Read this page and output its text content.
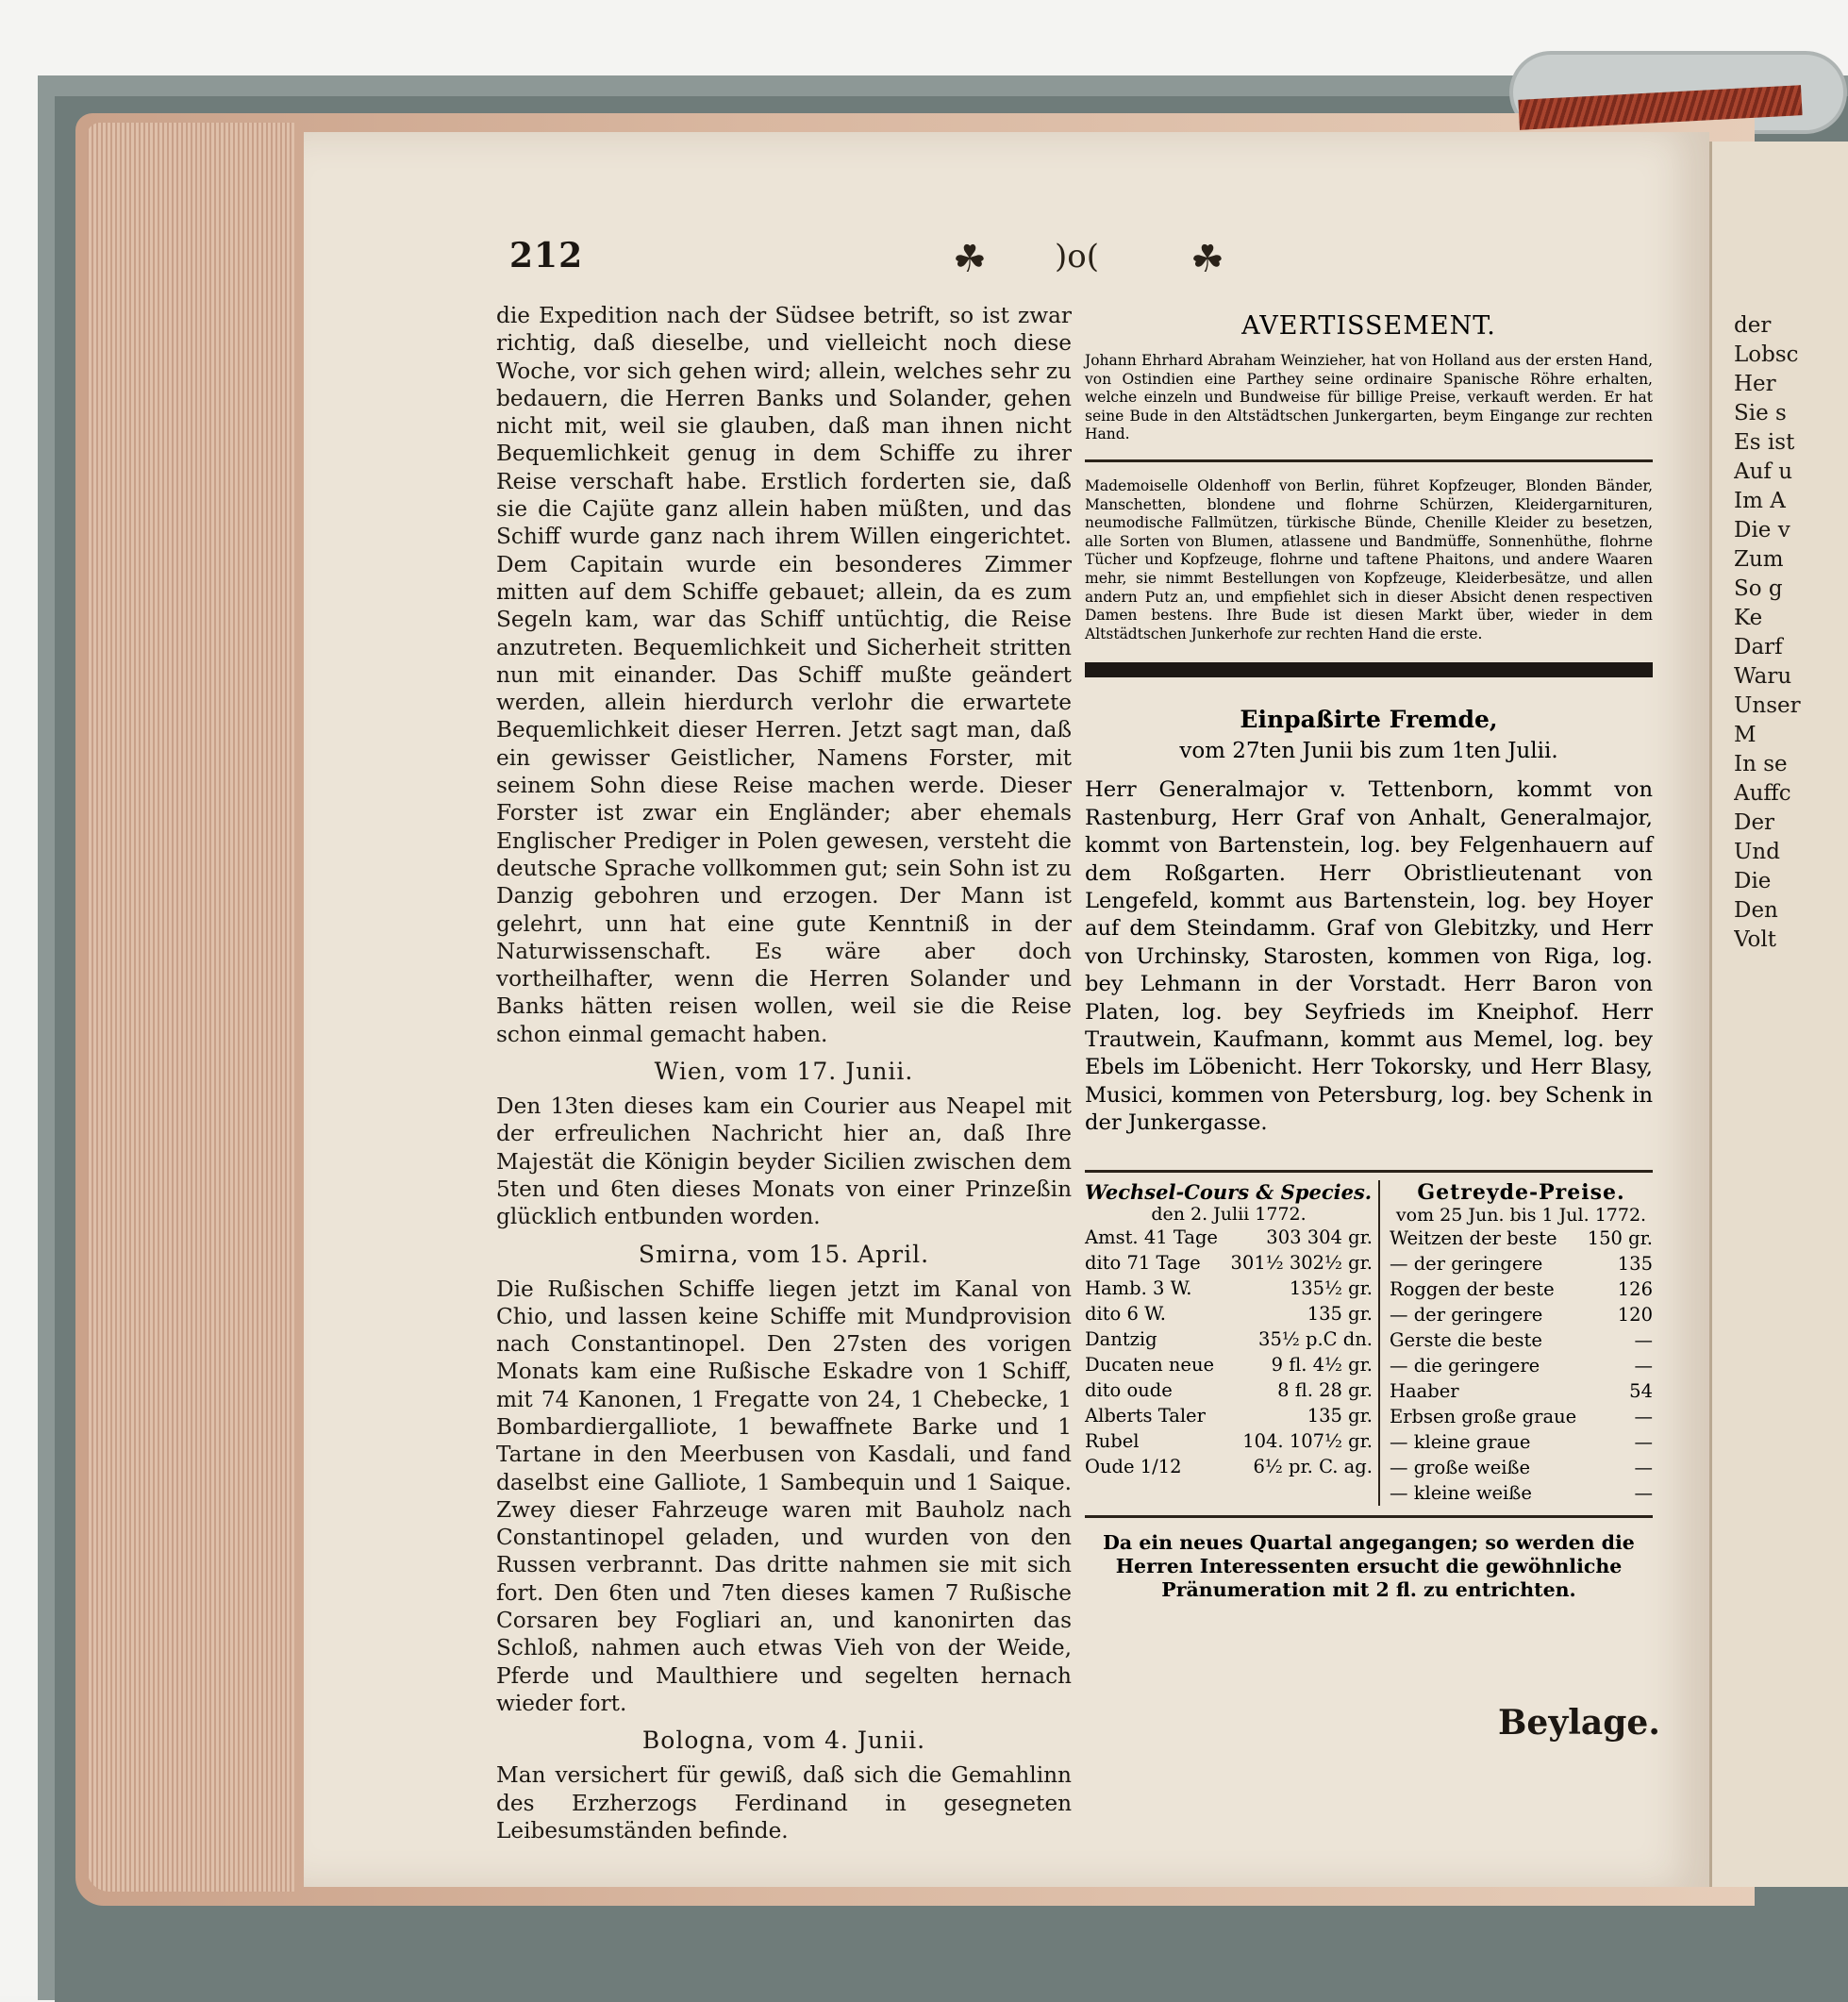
212	☘ )o( ☘

die Expedition nach der Südsee betrift, so ist zwar richtig, daß dieselbe, und vielleicht noch diese Woche, vor sich gehen wird; allein, welches sehr zu bedauern, die Herren Banks und Solander, gehen nicht mit, weil sie glauben, daß man ihnen nicht Bequemlichkeit genug in dem Schiffe zu ihrer Reise verschaft habe. Erstlich forderten sie, daß sie die Cajüte ganz allein haben müßten, und das Schiff wurde ganz nach ihrem Willen eingerichtet. Dem Capitain wurde ein besonderes Zimmer mitten auf dem Schiffe gebauet; allein, da es zum Segeln kam, war das Schiff untüchtig, die Reise anzutreten. Bequemlichkeit und Sicherheit stritten nun mit einander. Das Schiff mußte geändert werden, allein hierdurch verlohr die erwartete Bequemlichkeit dieser Herren. Jetzt sagt man, daß ein gewisser Geistlicher, Namens Forster, mit seinem Sohn diese Reise machen werde. Dieser Forster ist zwar ein Engländer; aber ehemals Englischer Prediger in Polen gewesen, versteht die deutsche Sprache vollkommen gut; sein Sohn ist zu Danzig gebohren und erzogen. Der Mann ist gelehrt, unn hat eine gute Kenntniß in der Naturwissenschaft. Es wäre aber doch vortheilhafter, wenn die Herren Solander und Banks hätten reisen wollen, weil sie die Reise schon einmal gemacht haben.

Wien, vom 17. Junii.

Den 13ten dieses kam ein Courier aus Neapel mit der erfreulichen Nachricht hier an, daß Ihre Majestät die Königin beyder Sicilien zwischen dem 5ten und 6ten dieses Monats von einer Prinzeßin glücklich entbunden worden.

Smirna, vom 15. April.

Die Rußischen Schiffe liegen jetzt im Kanal von Chio, und lassen keine Schiffe mit Mundprovision nach Constantinopel. Den 27sten des vorigen Monats kam eine Rußische Eskadre von 1 Schiff, mit 74 Kanonen, 1 Fregatte von 24, 1 Chebecke, 1 Bombardiergalliote, 1 bewaffnete Barke und 1 Tartane in den Meerbusen von Kasdali, und fand daselbst eine Galliote, 1 Sambequin und 1 Saique. Zwey dieser Fahrzeuge waren mit Bauholz nach Constantinopel geladen, und wurden von den Russen verbrannt. Das dritte nahmen sie mit sich fort. Den 6ten und 7ten dieses kamen 7 Rußische Corsaren bey Fogliari an, und kanonirten das Schloß, nahmen auch etwas Vieh von der Weide, Pferde und Maulthiere und segelten hernach wieder fort.

Bologna, vom 4. Junii.

Man versichert für gewiß, daß sich die Gemahlinn des Erzherzogs Ferdinand in gesegneten Leibesumständen befinde.

AVERTISSEMENT.

Johann Ehrhard Abraham Weinzieher, hat von Holland aus der ersten Hand, von Ostindien eine Parthey seine ordinaire Spanische Röhre erhalten, welche einzeln und Bundweise für billige Preise, verkauft werden. Er hat seine Bude in den Altstädtschen Junkergarten, beym Eingange zur rechten Hand.

Mademoiselle Oldenhoff von Berlin, führet Kopfzeuger, Blonden Bänder, Manschetten, blondene und flohrne Schürzen, Kleidergarnituren, neumodische Fallmützen, türkische Bünde, Chenille Kleider zu besetzen, alle Sorten von Blumen, atlassene und Bandmüffe, Sonnenhüthe, flohrne Tücher und Kopfzeuge, flohrne und taftene Phaitons, und andere Waaren mehr, sie nimmt Bestellungen von Kopfzeuge, Kleiderbesätze, und allen andern Putz an, und empfiehlet sich in dieser Absicht denen respectiven Damen bestens. Ihre Bude ist diesen Markt über, wieder in dem Altstädtschen Junkerhofe zur rechten Hand die erste.

Einpaßirte Fremde,
vom 27ten Junii bis zum 1ten Julii.

Herr Generalmajor v. Tettenborn, kommt von Rastenburg, Herr Graf von Anhalt, Generalmajor, kommt von Bartenstein, log. bey Felgenhauern auf dem Roßgarten. Herr Obristlieutenant von Lengefeld, kommt aus Bartenstein, log. bey Hoyer auf dem Steindamm. Graf von Glebitzky, und Herr von Urchinsky, Starosten, kommen von Riga, log. bey Lehmann in der Vorstadt. Herr Baron von Platen, log. bey Seyfrieds im Kneiphof. Herr Trautwein, Kaufmann, kommt aus Memel, log. bey Ebels im Löbenicht. Herr Tokorsky, und Herr Blasy, Musici, kommen von Petersburg, log. bey Schenk in der Junkergasse.

Wechsel-Cours & Species.
den 2. Julii 1772.
Amst. 41 Tage	303 304 gr.
dito 71 Tage 301½ 302½ gr.
Hamb. 3 W.	135½ gr.
dito 6 W.	135 gr.
Dantzig	35½ p.C dn.
Ducaten neue	9 fl. 4½ gr.
dito oude	8 fl. 28 gr.
Alberts Taler	135 gr.
Rubel	104. 107½ gr.
Oude 1/12	6½ pr. C. ag.
Getreyde-Preise.
vom 25 Jun. bis 1 Jul. 1772.
Weitzen der beste 150 gr.
— der geringere	135
Roggen der beste	126
— der geringere	120
Gerste die beste	—
— die geringere	—
Haaber	54
Erbsen große graue	—
— kleine graue	—
— große weiße	—
— kleine weiße	—
Da ein neues Quartal angegangen; so werden die Herren Interessenten ersucht die gewöhnliche Pränumeration mit 2 fl. zu entrichten.
Beylage.
der
Lobsc
Her
Sie s
Es ist
Auf u
Im A
Die v
Zum
So g
Ke
Darf
Waru
Unser
M
In se
Auffc
Der
Und
Die
Den
Volt
